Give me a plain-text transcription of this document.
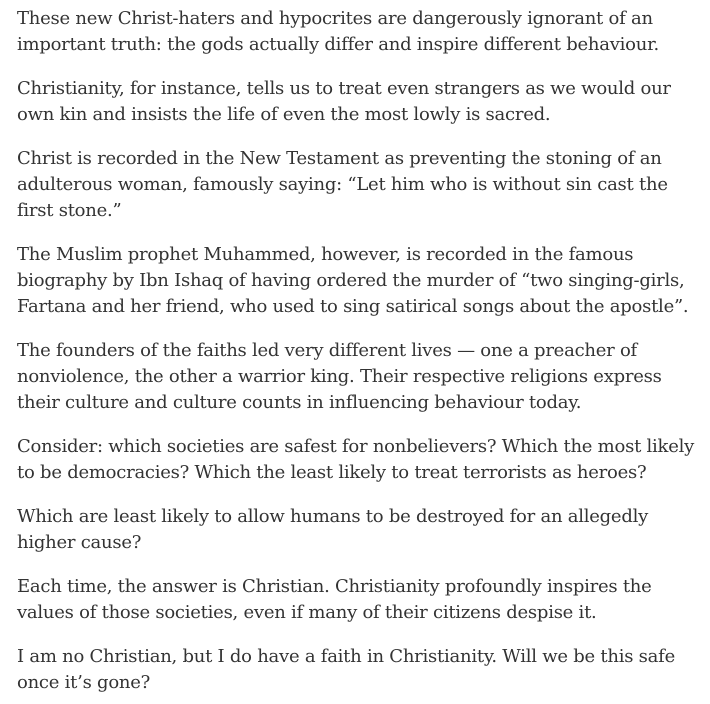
These new Christ-haters and hypocrites are dangerously ignorant of an important truth: the gods actually differ and inspire different behaviour.

Christianity, for instance, tells us to treat even strangers as we would our own kin and insists the life of even the most lowly is sacred.

Christ is recorded in the New Testament as preventing the stoning of an adulterous woman, famously saying: “Let him who is without sin cast the first stone.”

The Muslim prophet Muhammed, however, is recorded in the famous biography by Ibn Ishaq of having ordered the murder of “two singing-girls, Fartana and her friend, who used to sing satirical songs about the apostle”.

The founders of the faiths led very different lives — one a preacher of nonviolence, the other a warrior king. Their respective religions express their culture and culture counts in influencing behaviour today.

Consider: which societies are safest for nonbelievers? Which the most likely to be democracies? Which the least likely to treat terrorists as heroes?

Which are least likely to allow humans to be destroyed for an allegedly higher cause?

Each time, the answer is Christian. Christianity profoundly inspires the values of those societies, even if many of their citizens despise it.

I am no Christian, but I do have a faith in Christianity. Will we be this safe once it’s gone?
